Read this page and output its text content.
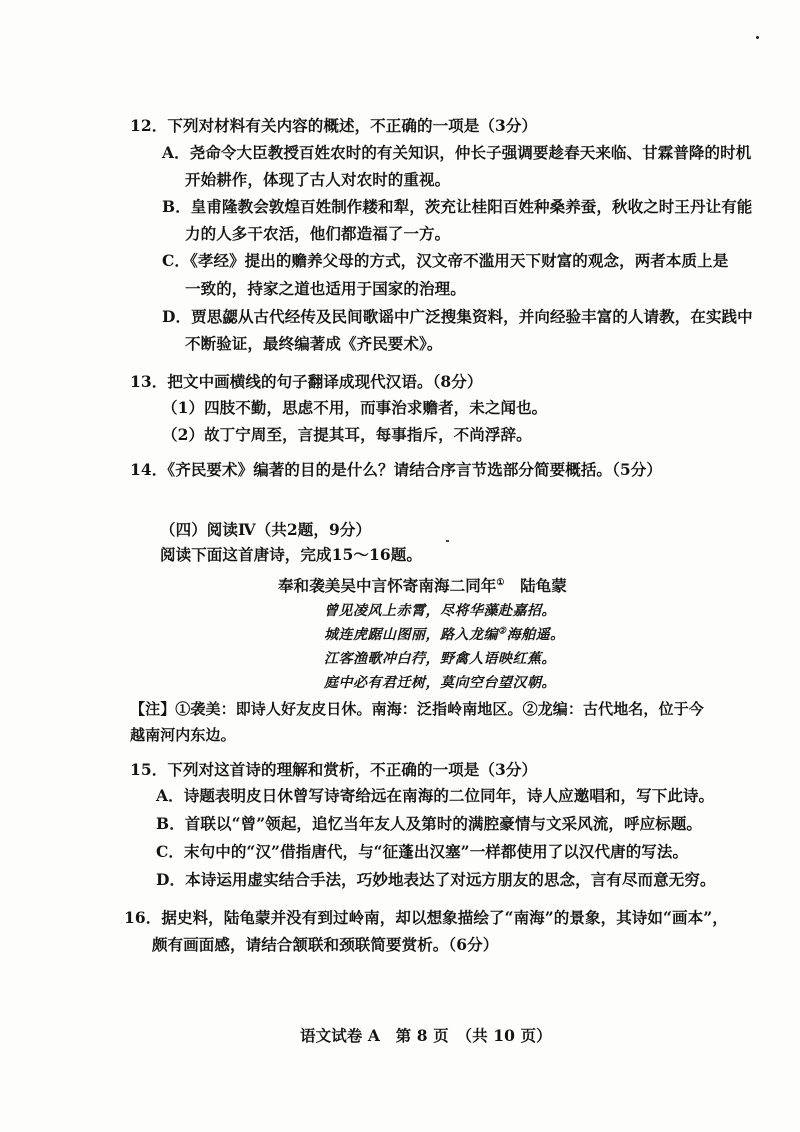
12．下列对材料有关内容的概述，不正确的一项是（3分）
A．尧命令大臣教授百姓农时的有关知识，仲长子强调要趁春天来临、甘霖普降的时机
开始耕作，体现了古人对农时的重视。
B．皇甫隆教会敦煌百姓制作耧和犁，茨充让桂阳百姓种桑养蚕，秋收之时王丹让有能
力的人多干农活，他们都造福了一方。
C．《孝经》提出的赡养父母的方式，汉文帝不滥用天下财富的观念，两者本质上是
一致的，持家之道也适用于国家的治理。
D．贾思勰从古代经传及民间歌谣中广泛搜集资料，并向经验丰富的人请教，在实践中
不断验证，最终编著成《齐民要术》。
13．把文中画横线的句子翻译成现代汉语。（8分）
（1）四肢不勤，思虑不用，而事治求赡者，未之闻也。
（2）故丁宁周至，言提其耳，每事指斥，不尚浮辞。
14．《齐民要术》编著的目的是什么？请结合序言节选部分简要概括。（5分）
（四）阅读Ⅳ（共2题，9分）
阅读下面这首唐诗，完成15～16题。
奉和袭美吴中言怀寄南海二同年① 陆龟蒙
曾见凌风上赤霄，尽将华藻赴嘉招。
城连虎踞山图丽，路入龙编②海舶遥。
江客渔歌冲白荇，野禽人语映红蕉。
庭中必有君迁树，莫向空台望汉朝。
【注】①袭美：即诗人好友皮日休。南海：泛指岭南地区。②龙编：古代地名，位于今
越南河内东边。
15．下列对这首诗的理解和赏析，不正确的一项是（3分）
A．诗题表明皮日休曾写诗寄给远在南海的二位同年，诗人应邀唱和，写下此诗。
B．首联以“曾”领起，追忆当年友人及第时的满腔豪情与文采风流，呼应标题。
C．末句中的“汉”借指唐代，与“征蓬出汉塞”一样都使用了以汉代唐的写法。
D．本诗运用虚实结合手法，巧妙地表达了对远方朋友的思念，言有尽而意无穷。
16．据史料，陆龟蒙并没有到过岭南，却以想象描绘了“南海”的景象，其诗如“画本”，
颇有画面感，请结合颔联和颈联简要赏析。（6分）
语文试卷 A　第 8 页　（共 10 页）
